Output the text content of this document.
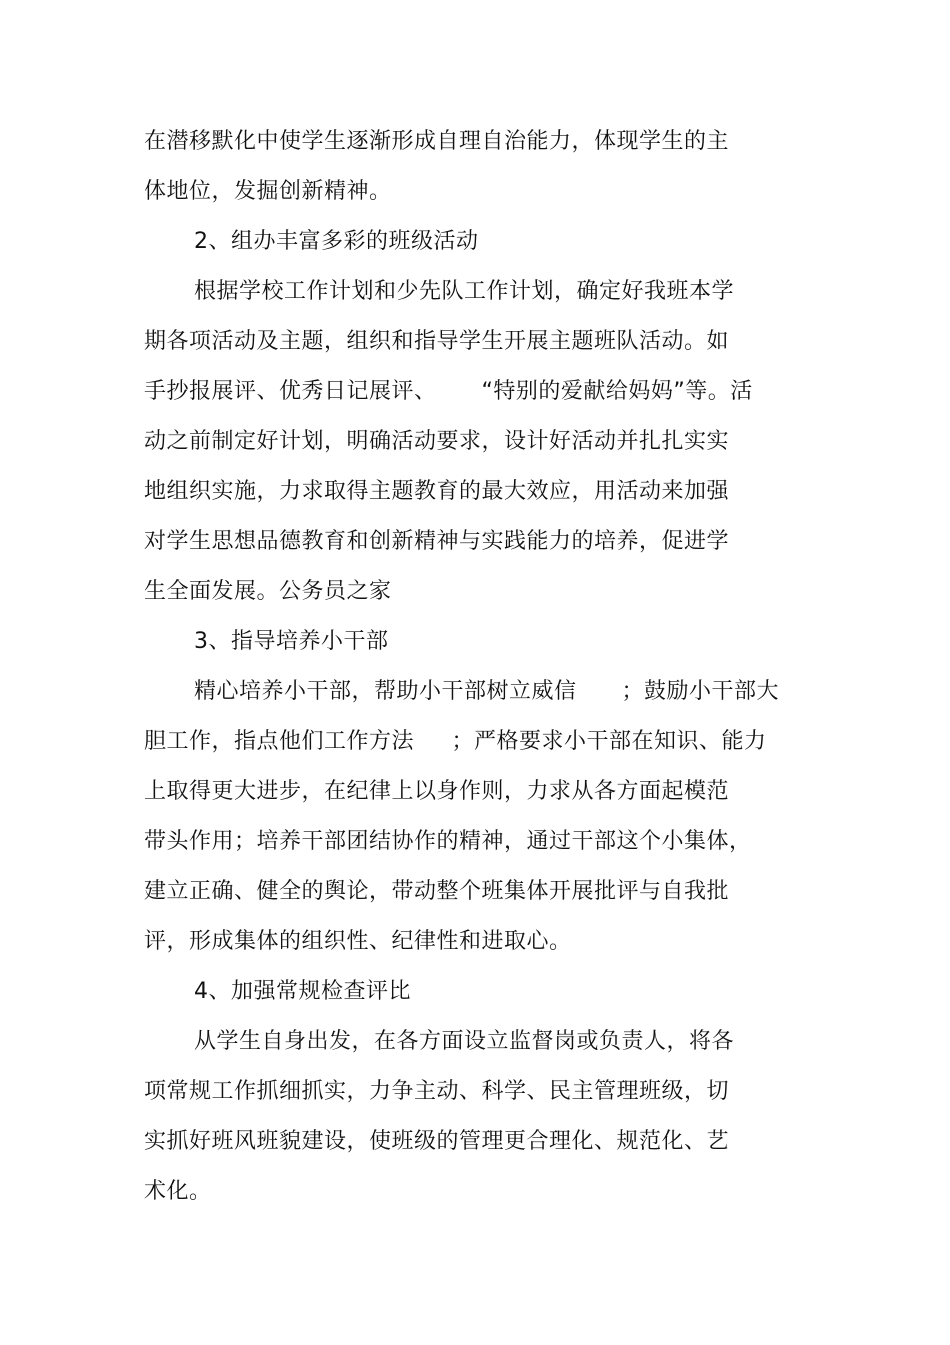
在潜移默化中使学生逐渐形成自理自治能力，体现学生的主
体地位，发掘创新精神。
2、组办丰富多彩的班级活动
根据学校工作计划和少先队工作计划，确定好我班本学
期各项活动及主题，组织和指导学生开展主题班队活动。如
手抄报展评、优秀日记展评、      “特别的爱献给妈妈”等。活
动之前制定好计划，明确活动要求，设计好活动并扎扎实实
地组织实施，力求取得主题教育的最大效应，用活动来加强
对学生思想品德教育和创新精神与实践能力的培养，促进学
生全面发展。公务员之家
3、指导培养小干部
精心培养小干部，帮助小干部树立威信      ；鼓励小干部大
胆工作，指点他们工作方法     ；严格要求小干部在知识、能力
上取得更大进步，在纪律上以身作则，力求从各方面起模范
带头作用；培养干部团结协作的精神，通过干部这个小集体，
建立正确、健全的舆论，带动整个班集体开展批评与自我批
评，形成集体的组织性、纪律性和进取心。
4、加强常规检查评比
从学生自身出发，在各方面设立监督岗或负责人，将各
项常规工作抓细抓实，力争主动、科学、民主管理班级，切
实抓好班风班貌建设，使班级的管理更合理化、规范化、艺
术化。
